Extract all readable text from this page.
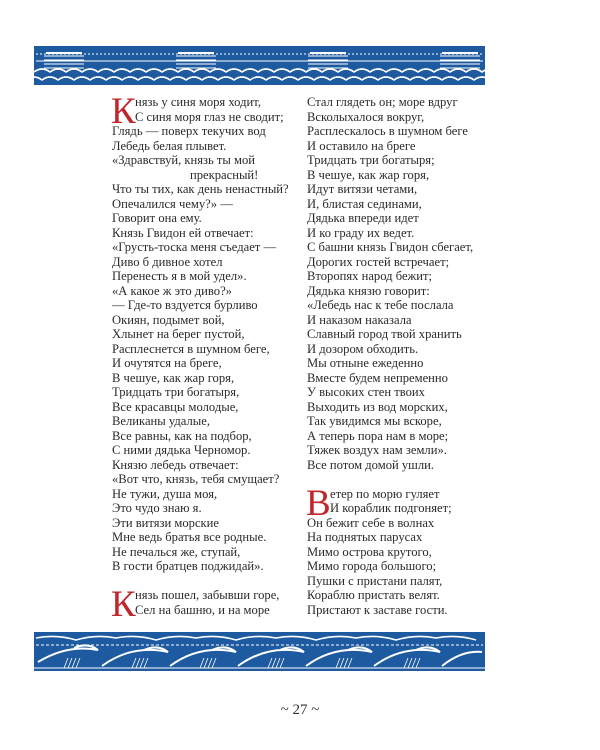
К нязь у синя моря ходит,
С синя моря глаз не сводит;
Глядь — поверх текучих вод
Лебедь белая плывет.
«Здравствуй, князь ты мой
прекрасный!
Что ты тих, как день ненастный?
Опечалился чему?» —
Говорит она ему.
Князь Гвидон ей отвечает:
«Грусть-тоска меня съедает —
Диво б дивное хотел
Перенесть я в мой удел».
«А какое ж это диво?»
— Где-то вздуется бурливо
Окиян, подымет вой,
Хлынет на берег пустой,
Расплеснется в шумном беге,
И очутятся на бреге,
В чешуе, как жар горя,
Тридцать три богатыря,
Все красавцы молодые,
Великаны удалые,
Все равны, как на подбор,
С ними дядька Черномор.
Князю лебедь отвечает:
«Вот что, князь, тебя смущает?
Не тужи, душа моя,
Это чудо знаю я.
Эти витязи морские
Мне ведь братья все родные.
Не печалься же, ступай,
В гости братцев поджидай».
К нязь пошел, забывши горе,
Сел на башню, и на море
Стал глядеть он; море вдруг
Всколыхалося вокруг,
Расплескалось в шумном беге
И оставило на бреге
Тридцать три богатыря;
В чешуе, как жар горя,
Идут витязи четами,
И, блистая сединами,
Дядька впереди идет
И ко граду их ведет.
С башни князь Гвидон сбегает,
Дорогих гостей встречает;
Второпях народ бежит;
Дядька князю говорит:
«Лебедь нас к тебе послала
И наказом наказала
Славный город твой хранить
И дозором обходить.
Мы отныне ежеденно
Вместе будем непременно
У высоких стен твоих
Выходить из вод морских,
Так увидимся мы вскоре,
А теперь пора нам в море;
Тяжек воздух нам земли».
Все потом домой ушли.
В етер по морю гуляет
И кораблик подгоняет;
Он бежит себе в волнах
На поднятых парусах
Мимо острова крутого,
Мимо города большого;
Пушки с пристани палят,
Кораблю пристать велят.
Пристают к заставе гости.
~ 27 ~
